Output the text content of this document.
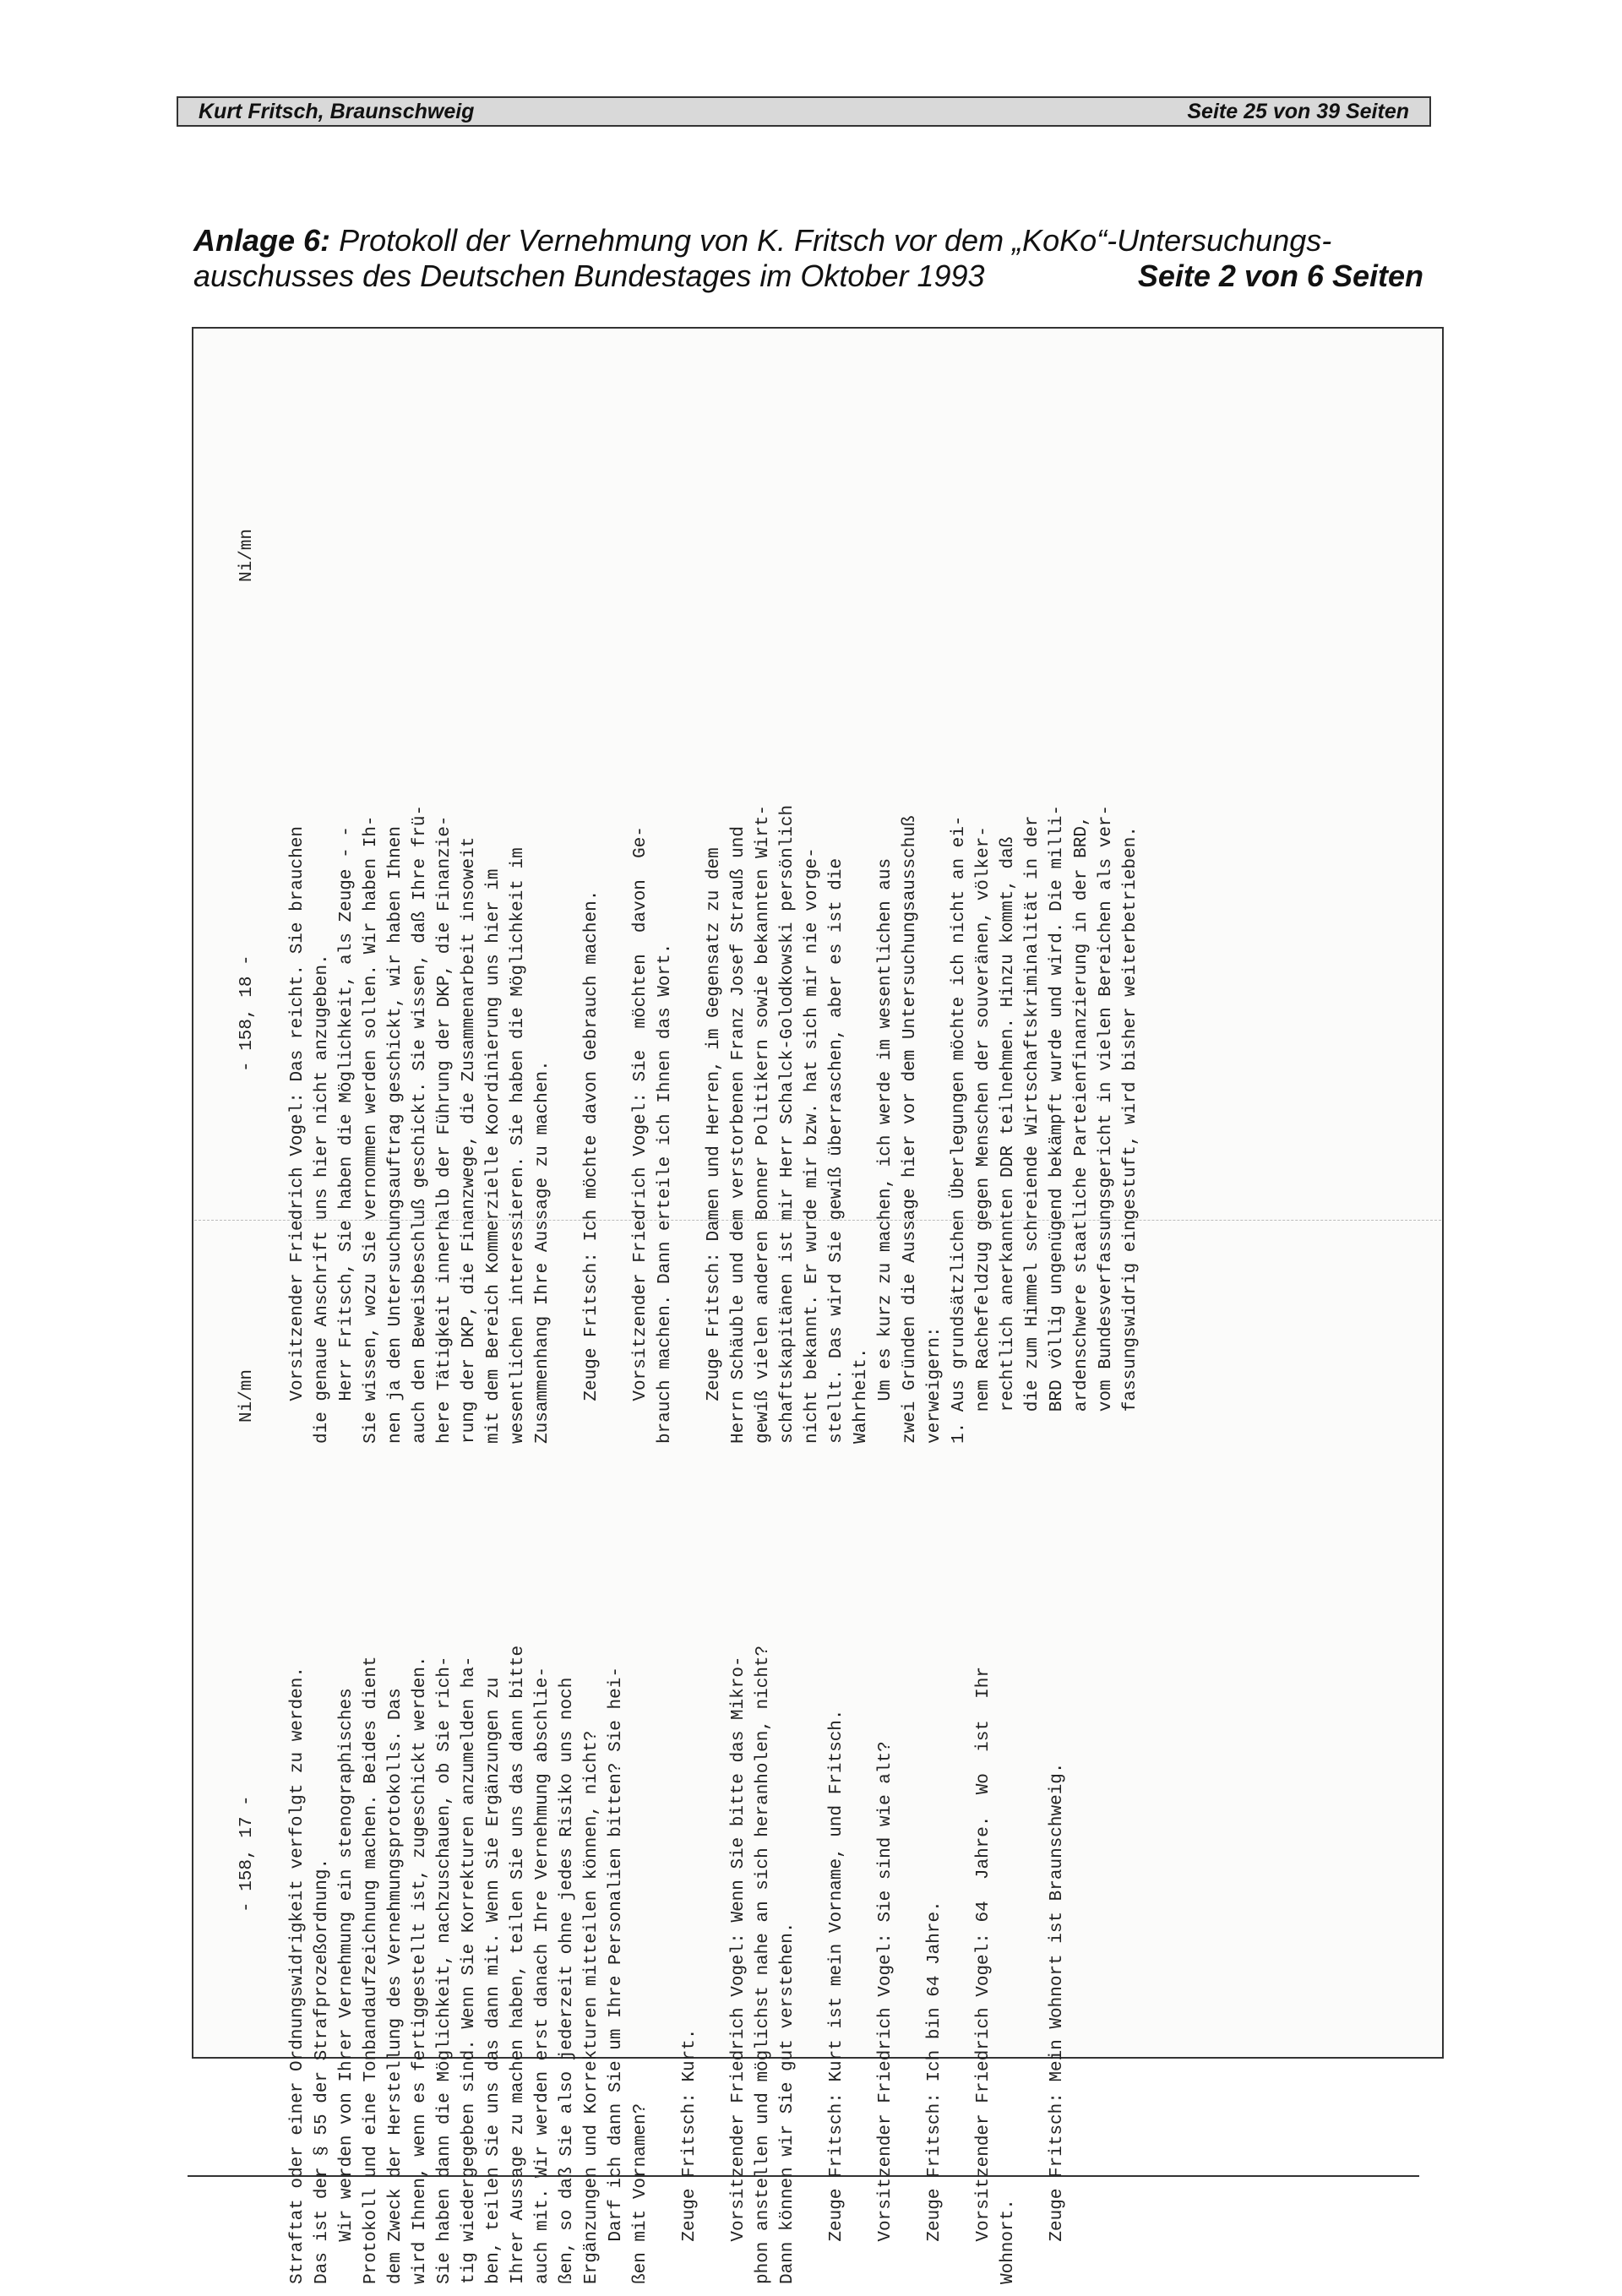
Kurt Fritsch, Braunschweig	Seite 25 von 39 Seiten
Anlage 6: Protokoll der Vernehmung von K. Fritsch vor dem „KoKo“-Untersuchungs-
auschusses des Deutschen Bundestages im Oktober 1993	Seite 2 von 6 Seiten
- 158, 17 -
Ni/mn

Straftat oder einer Ordnungswidrigkeit verfolgt zu werden. Das ist der § 55 der Strafprozeßordnung. Wir werden von Ihrer Vernehmung ein stenographisches Protokoll und eine Tonbandaufzeichnung machen. Beides dient dem Zweck der Herstellung des Vernehmungsprotokolls. Das wird Ihnen, wenn es fertiggestellt ist, zugeschickt werden. Sie haben dann die Möglichkeit, nachzuschauen, ob Sie rich- tig wiedergegeben sind. Wenn Sie Korrekturen anzumelden ha- ben, teilen Sie uns das dann mit. Wenn Sie Ergänzungen zu Ihrer Aussage zu machen haben, teilen Sie uns das dann bitte auch mit. Wir werden erst danach Ihre Vernehmung abschlie- ßen, so daß Sie also jederzeit ohne jedes Risiko uns noch Ergänzungen und Korrekturen mitteilen können, nicht? Darf ich dann Sie um Ihre Personalien bitten? Sie hei- ßen mit Vornamen?

Zeuge Fritsch: Kurt.

Vorsitzender Friedrich Vogel: Wenn Sie bitte das Mikro- phon anstellen und möglichst nahe an sich heranholen, nicht? Dann können wir Sie gut verstehen.

Zeuge Fritsch: Kurt ist mein Vorname, und Fritsch.

Vorsitzender Friedrich Vogel: Sie sind wie alt?

Zeuge Fritsch: Ich bin 64 Jahre.

Vorsitzender Friedrich Vogel: 64  Jahre.  Wo  ist  Ihr Wohnort.

Zeuge Fritsch: Mein Wohnort ist Braunschweig.

- 158, 18 -
Ni/mn

Vorsitzender Friedrich Vogel: Das reicht. Sie brauchen die genaue Anschrift uns hier nicht anzugeben. Herr Fritsch, Sie haben die Möglichkeit, als Zeuge - - Sie wissen, wozu Sie vernommen werden sollen. Wir haben Ih- nen ja den Untersuchungsauftrag geschickt, wir haben Ihnen auch den Beweisbeschluß geschickt. Sie wissen, daß Ihre frü- here Tätigkeit innerhalb der Führung der DKP, die Finanzie- rung der DKP, die Finanzwege, die Zusammenarbeit insoweit mit dem Bereich Kommerzielle Koordinierung uns hier im wesentlichen interessieren. Sie haben die Möglichkeit im Zusammenhang Ihre Aussage zu machen.

Zeuge Fritsch: Ich möchte davon Gebrauch machen.

Vorsitzender Friedrich Vogel: Sie  möchten  davon  Ge- brauch machen. Dann erteile ich Ihnen das Wort.

Zeuge Fritsch: Damen und Herren, im Gegensatz zu dem Herrn Schäuble und dem verstorbenen Franz Josef Strauß und gewiß vielen anderen Bonner Politikern sowie bekannten Wirt- schaftskapitänen ist mir Herr Schalck-Golodkowski persönlich nicht bekannt. Er wurde mir bzw. hat sich mir nie vorge- stellt. Das wird Sie gewiß überraschen, aber es ist die Wahrheit. Um es kurz zu machen, ich werde im wesentlichen aus zwei Gründen die Aussage hier vor dem Untersuchungsausschuß verweigern: 1. Aus grundsätzlichen Überlegungen möchte ich nicht an ei- nem Rachefeldzug gegen Menschen der souveränen, völker- rechtlich anerkannten DDR teilnehmen. Hinzu kommt, daß die zum Himmel schreiende Wirtschaftskriminalität in der BRD völlig ungenügend bekämpft wurde und wird. Die milli- ardenschwere staatliche Parteienfinanzierung in der BRD, vom Bundesverfassungsgericht in vielen Bereichen als ver- fassungswidrig eingestuft, wird bisher weiterbetrieben.
